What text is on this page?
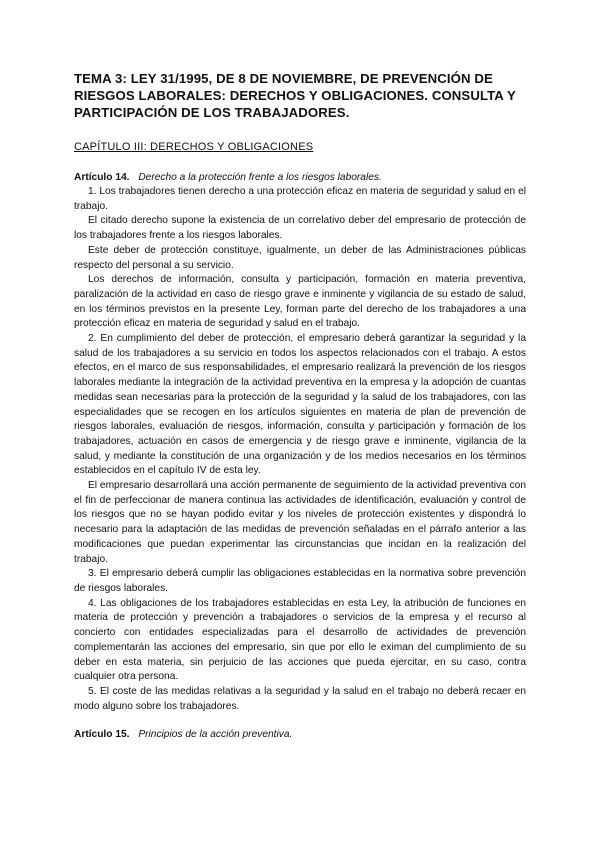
TEMA 3: LEY 31/1995, DE 8 DE NOVIEMBRE, DE PREVENCIÓN DE RIESGOS LABORALES: DERECHOS Y OBLIGACIONES. CONSULTA Y PARTICIPACIÓN DE LOS TRABAJADORES.
CAPÍTULO III: DERECHOS Y OBLIGACIONES
Artículo 14. Derecho a la protección frente a los riesgos laborales.

1. Los trabajadores tienen derecho a una protección eficaz en materia de seguridad y salud en el trabajo.

El citado derecho supone la existencia de un correlativo deber del empresario de protección de los trabajadores frente a los riesgos laborales.

Este deber de protección constituye, igualmente, un deber de las Administraciones públicas respecto del personal a su servicio.

Los derechos de información, consulta y participación, formación en materia preventiva, paralización de la actividad en caso de riesgo grave e inminente y vigilancia de su estado de salud, en los términos previstos en la presente Ley, forman parte del derecho de los trabajadores a una protección eficaz en materia de seguridad y salud en el trabajo.

2. En cumplimiento del deber de protección, el empresario deberá garantizar la seguridad y la salud de los trabajadores a su servicio en todos los aspectos relacionados con el trabajo. A estos efectos, en el marco de sus responsabilidades, el empresario realizará la prevención de los riesgos laborales mediante la integración de la actividad preventiva en la empresa y la adopción de cuantas medidas sean necesarias para la protección de la seguridad y la salud de los trabajadores, con las especialidades que se recogen en los artículos siguientes en materia de plan de prevención de riesgos laborales, evaluación de riesgos, información, consulta y participación y formación de los trabajadores, actuación en casos de emergencia y de riesgo grave e inminente, vigilancia de la salud, y mediante la constitución de una organización y de los medios necesarios en los términos establecidos en el capítulo IV de esta ley.

El empresario desarrollará una acción permanente de seguimiento de la actividad preventiva con el fin de perfeccionar de manera continua las actividades de identificación, evaluación y control de los riesgos que no se hayan podido evitar y los niveles de protección existentes y dispondrá lo necesario para la adaptación de las medidas de prevención señaladas en el párrafo anterior a las modificaciones que puedan experimentar las circunstancias que incidan en la realización del trabajo.

3. El empresario deberá cumplir las obligaciones establecidas en la normativa sobre prevención de riesgos laborales.

4. Las obligaciones de los trabajadores establecidas en esta Ley, la atribución de funciones en materia de protección y prevención a trabajadores o servicios de la empresa y el recurso al concierto con entidades especializadas para el desarrollo de actividades de prevención complementarán las acciones del empresario, sin que por ello le eximan del cumplimiento de su deber en esta materia, sin perjuicio de las acciones que pueda ejercitar, en su caso, contra cualquier otra persona.

5. El coste de las medidas relativas a la seguridad y la salud en el trabajo no deberá recaer en modo alguno sobre los trabajadores.

Artículo 15. Principios de la acción preventiva.
